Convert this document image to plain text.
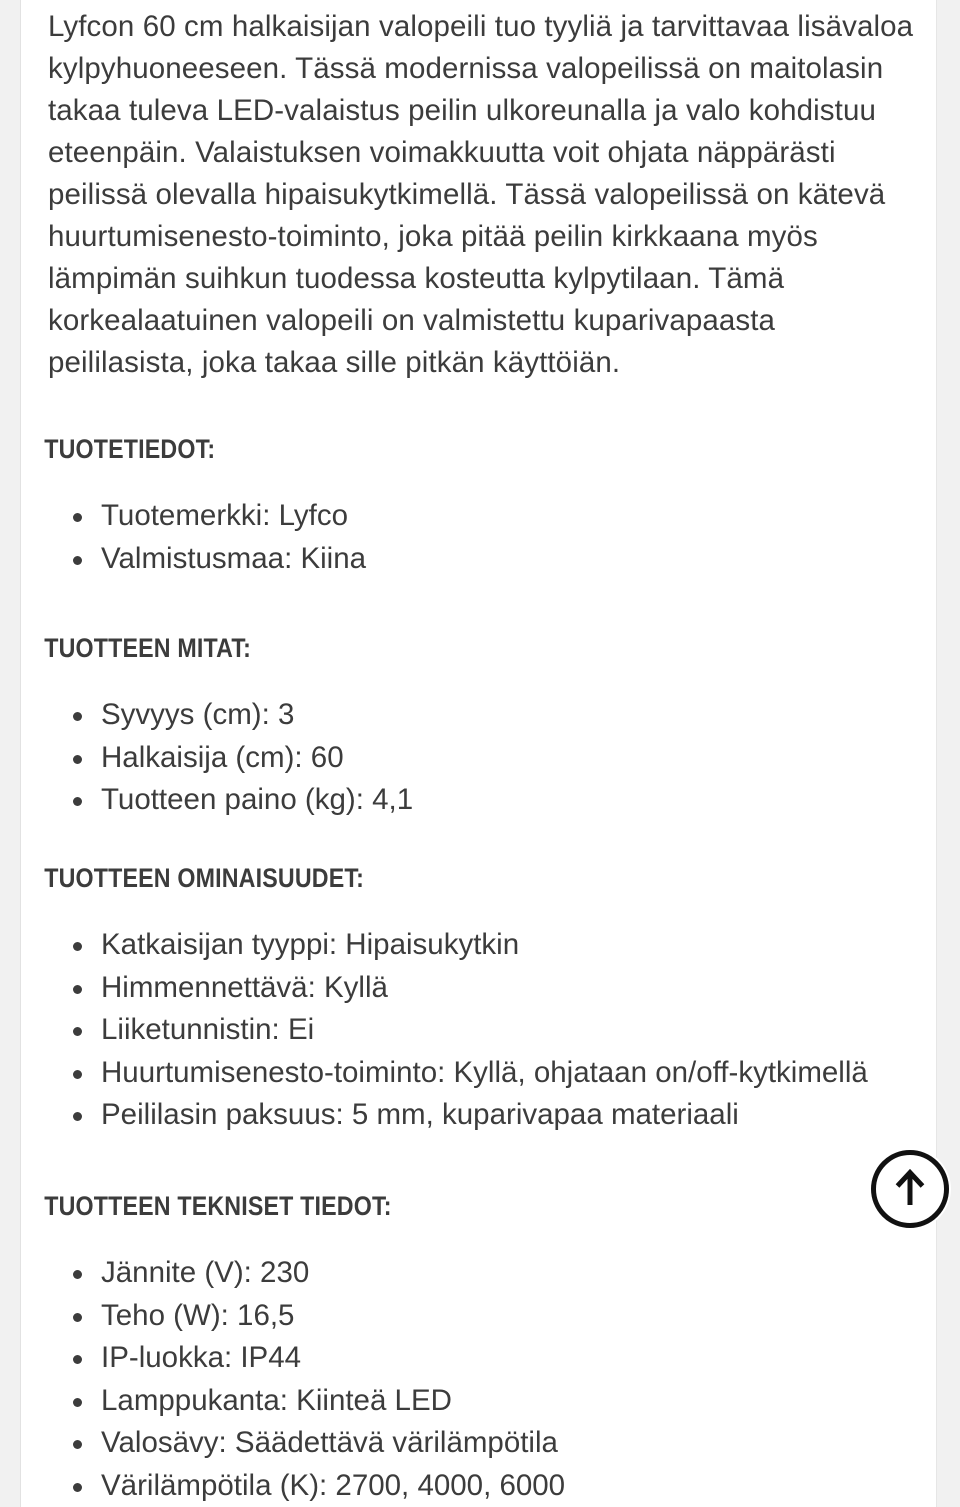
Lyfcon 60 cm halkaisijan valopeili tuo tyyliä ja tarvittavaa lisävaloa kylpyhuoneeseen. Tässä modernissa valopeilissä on maitolasin takaa tuleva LED-valaistus peilin ulkoreunalla ja valo kohdistuu eteenpäin. Valaistuksen voimakkuutta voit ohjata näppärästi peilissä olevalla hipaisukytkimellä. Tässä valopeilissä on kätevä huurtumisenesto-toiminto, joka pitää peilin kirkkaana myös lämpimän suihkun tuodessa kosteutta kylpytilaan. Tämä korkealaatuinen valopeili on valmistettu kuparivapaasta peililasista, joka takaa sille pitkän käyttöiän.

TUOTETIEDOT:
Tuotemerkki: Lyfco
Valmistusmaa: Kiina
TUOTTEEN MITAT:
Syvyys (cm): 3
Halkaisija (cm): 60
Tuotteen paino (kg): 4,1
TUOTTEEN OMINAISUUDET:
Katkaisijan tyyppi: Hipaisukytkin
Himmennettävä: Kyllä
Liiketunnistin: Ei
Huurtumisenesto-toiminto: Kyllä, ohjataan on/off-kytkimellä
Peililasin paksuus: 5 mm, kuparivapaa materiaali
TUOTTEEN TEKNISET TIEDOT:
Jännite (V): 230
Teho (W): 16,5
IP-luokka: IP44
Lamppukanta: Kiinteä LED
Valosävy: Säädettävä värilämpötila
Värilämpötila (K): 2700, 4000, 6000
